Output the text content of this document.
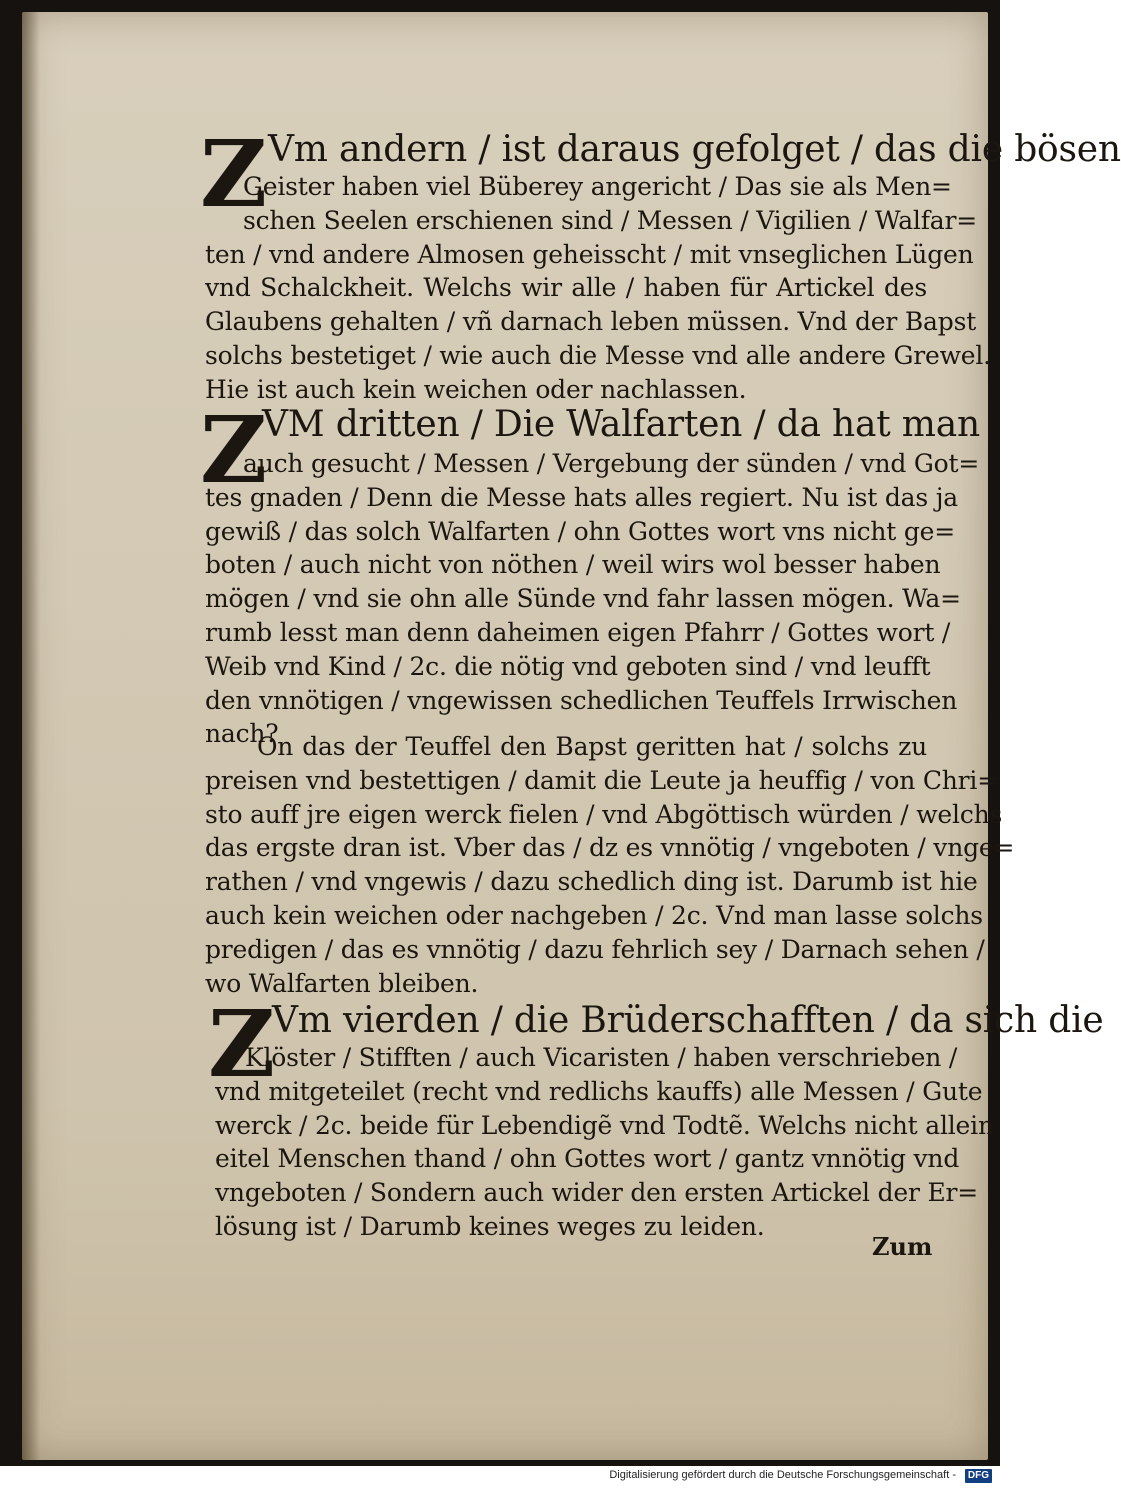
Z Vm andern / ist daraus gefolget / das die bösen
Geister haben viel Büberey angericht / Das sie als Men=
schen Seelen erschienen sind / Messen / Vigilien / Walfar=
ten / vnd andere Almosen geheisscht / mit vnseglichen Lügen
vnd Schalckheit. Welchs wir alle / haben für Artickel des
Glaubens gehalten / vñ darnach leben müssen. Vnd der Bapst
solchs bestetiget / wie auch die Messe vnd alle andere Grewel.
Hie ist auch kein weichen oder nachlassen.
Z
VM dritten / Die Walfarten / da hat man
auch gesucht / Messen / Vergebung der sünden / vnd Got=
tes gnaden / Denn die Messe hats alles regiert. Nu ist das ja
gewiß / das solch Walfarten / ohn Gottes wort vns nicht ge=
boten / auch nicht von nöthen / weil wirs wol besser haben
mögen / vnd sie ohn alle Sünde vnd fahr lassen mögen. Wa=
rumb lesst man denn daheimen eigen Pfahrr / Gottes wort /
Weib vnd Kind / 2c. die nötig vnd geboten sind / vnd leufft
den vnnötigen / vngewissen schedlichen Teuffels Irrwischen
nach?
On das der Teuffel den Bapst geritten hat / solchs zu
preisen vnd bestettigen / damit die Leute ja heuffig / von Chri=
sto auff jre eigen werck fielen / vnd Abgöttisch würden / welchs
das ergste dran ist. Vber das / dz es vnnötig / vngeboten / vnge=
rathen / vnd vngewis / dazu schedlich ding ist. Darumb ist hie
auch kein weichen oder nachgeben / 2c. Vnd man lasse solchs
predigen / das es vnnötig / dazu fehrlich sey / Darnach sehen /
wo Walfarten bleiben.
Z
Vm vierden / die Brüderschafften / da sich die
Klöster / Stifften / auch Vicaristen / haben verschrieben /
vnd mitgeteilet (recht vnd redlichs kauffs) alle Messen / Gute
werck / 2c. beide für Lebendigẽ vnd Todtẽ. Welchs nicht allein
eitel Menschen thand / ohn Gottes wort / gantz vnnötig vnd
vngeboten / Sondern auch wider den ersten Artickel der Er=
lösung ist / Darumb keines weges zu leiden.
Zum
Digitalisierung gefördert durch die Deutsche Forschungsgemeinschaft -	DFG
